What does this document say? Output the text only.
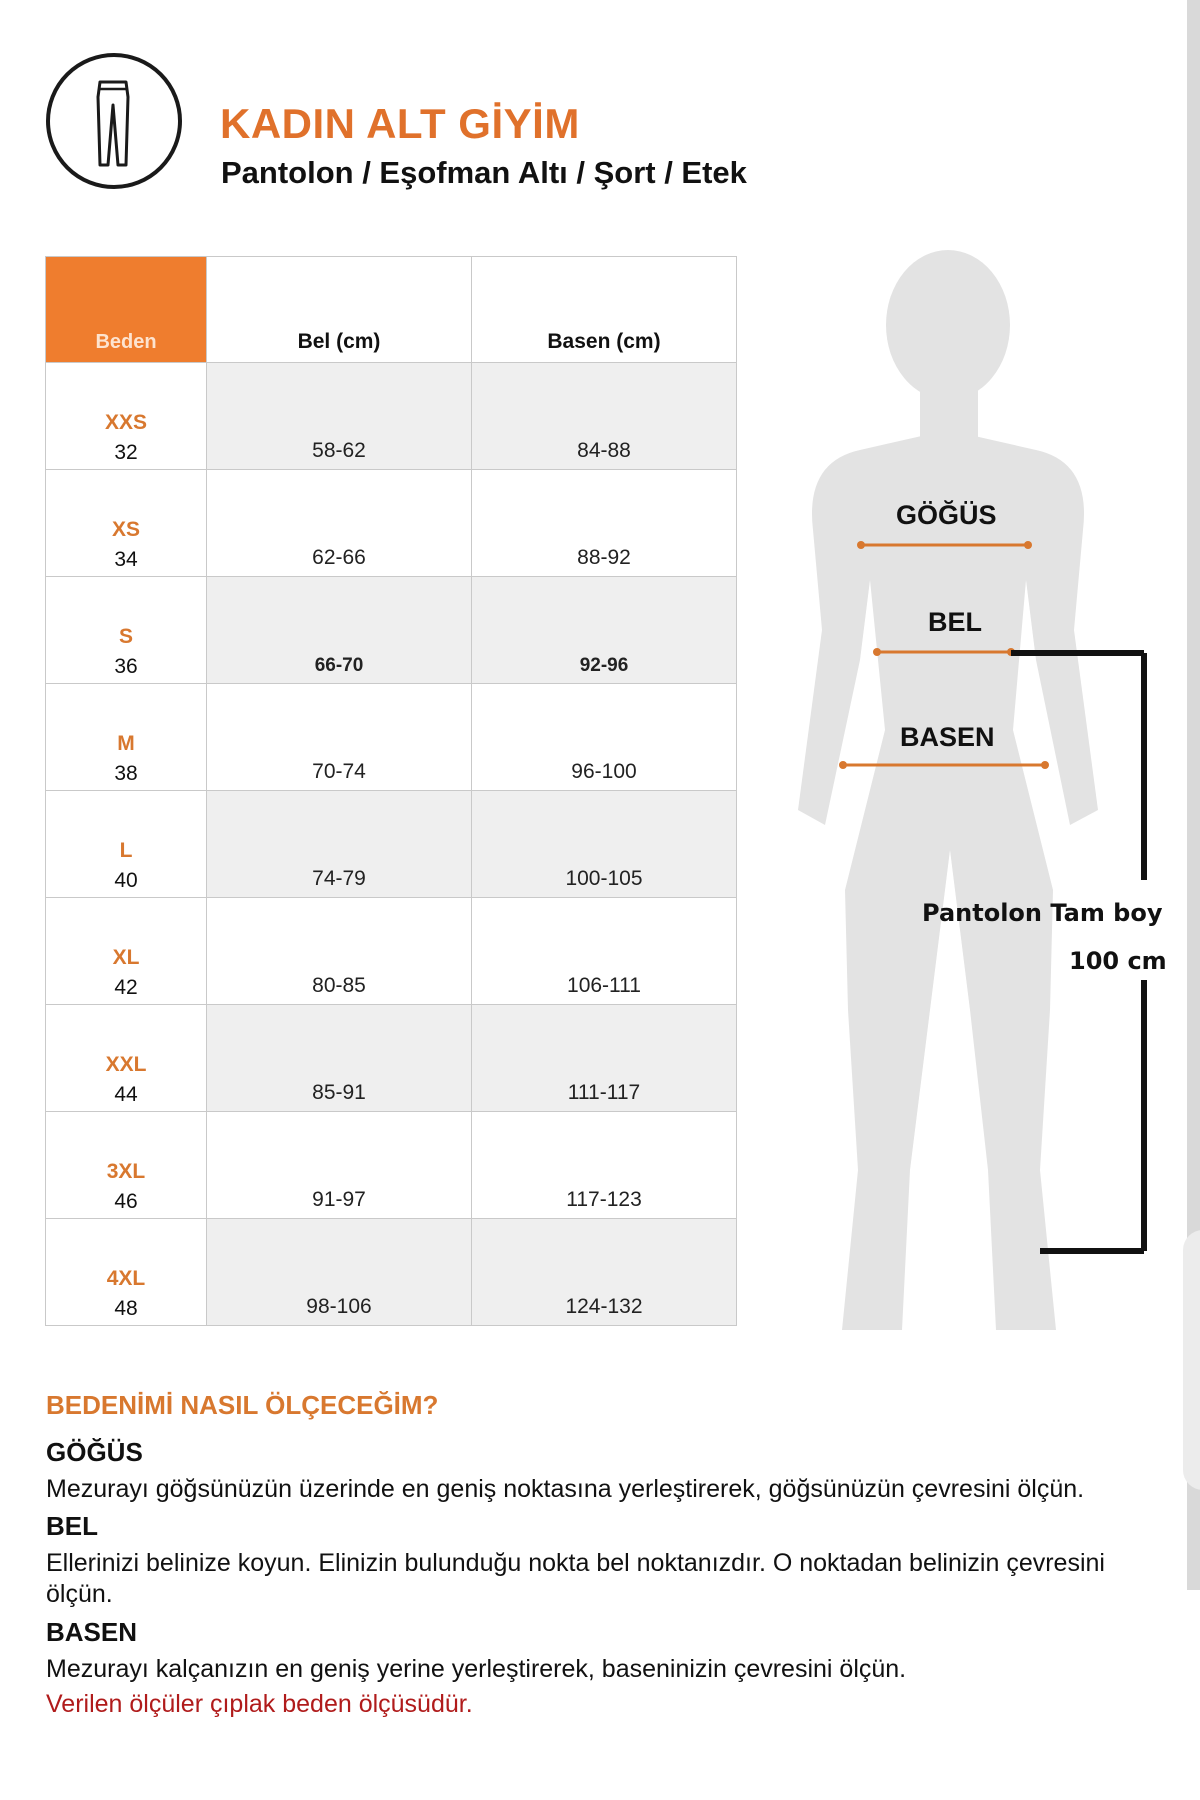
KADIN ALT GİYİM
Pantolon / Eşofman Altı / Şort / Etek
Beden	Bel (cm)	Basen (cm)

XXS
32	58-62	84-88

XS
34	62-66	88-92

S
36	66-70	92-96

M
38	70-74	96-100

L
40	74-79	100-105

XL
42	80-85	106-111

XXL
44	85-91	111-117

3XL
46	91-97	117-123

4XL
48	98-106	124-132
GÖĞÜS
BEL
BASEN
Pantolon Tam boy
100 cm
BEDENİMİ NASIL ÖLÇECEĞİM?
GÖĞÜS

Mezurayı göğsünüzün üzerinde en geniş noktasına yerleştirerek, göğsünüzün çevresini ölçün.

BEL

Ellerinizi belinize koyun. Elinizin bulunduğu nokta bel noktanızdır. O noktadan belinizin çevresini ölçün.

BASEN

Mezurayı kalçanızın en geniş yerine yerleştirerek, baseninizin çevresini ölçün.

Verilen ölçüler çıplak beden ölçüsüdür.
